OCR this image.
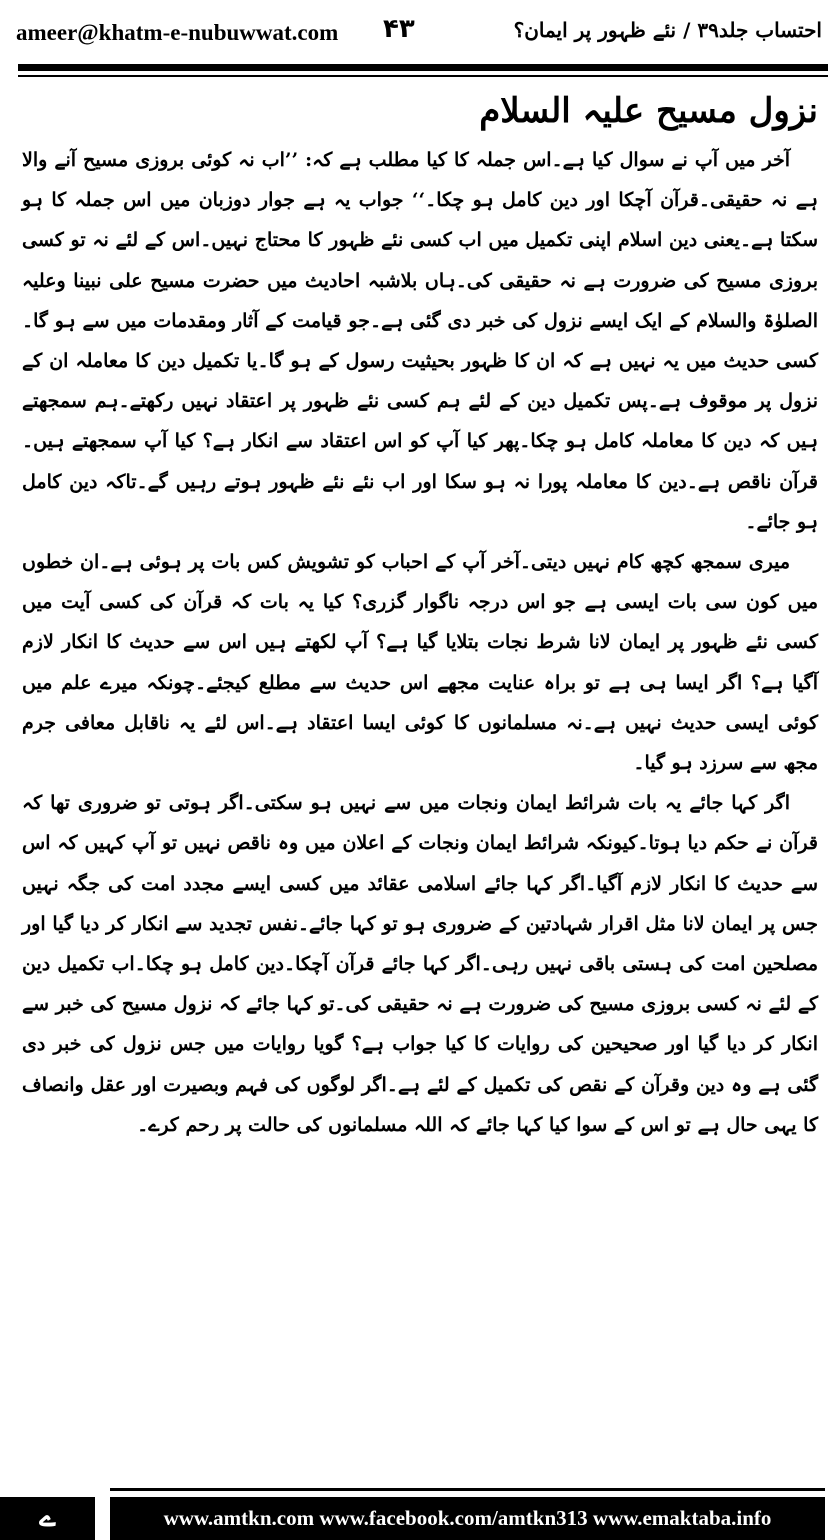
ameer@khatm-e-nubuwwat.com ۴۳	احتساب جلد۳۹ / نئے ظہور پر ایمان؟
نزول مسیح علیہ السلام

آخر میں آپ نے سوال کیا ہے۔اس جملہ کا کیا مطلب ہے کہ: ’’اب نہ کوئی بروزی مسیح آنے والا ہے نہ حقیقی۔قرآن آچکا اور دین کامل ہو چکا۔‘‘ جواب یہ ہے جوار دوزبان میں اس جملہ کا ہو سکتا ہے۔یعنی دین اسلام اپنی تکمیل میں اب کسی نئے ظہور کا محتاج نہیں۔اس کے لئے نہ تو کسی بروزی مسیح کی ضرورت ہے نہ حقیقی کی۔ہاں بلاشبہ احادیث میں حضرت مسیح علی نبینا وعلیہ الصلوٰۃ والسلام کے ایک ایسے نزول کی خبر دی گئی ہے۔جو قیامت کے آثار ومقدمات میں سے ہو گا۔کسی حدیث میں یہ نہیں ہے کہ ان کا ظہور بحیثیت رسول کے ہو گا۔یا تکمیل دین کا معاملہ ان کے نزول پر موقوف ہے۔پس تکمیل دین کے لئے ہم کسی نئے ظہور پر اعتقاد نہیں رکھتے۔ہم سمجھتے ہیں کہ دین کا معاملہ کامل ہو چکا۔پھر کیا آپ کو اس اعتقاد سے انکار ہے؟ کیا آپ سمجھتے ہیں۔قرآن ناقص ہے۔دین کا معاملہ پورا نہ ہو سکا اور اب نئے نئے ظہور ہوتے رہیں گے۔تاکہ دین کامل ہو جائے۔

میری سمجھ کچھ کام نہیں دیتی۔آخر آپ کے احباب کو تشویش کس بات پر ہوئی ہے۔ان خطوں میں کون سی بات ایسی ہے جو اس درجہ ناگوار گزری؟ کیا یہ بات کہ قرآن کی کسی آیت میں کسی نئے ظہور پر ایمان لانا شرط نجات بتلایا گیا ہے؟ آپ لکھتے ہیں اس سے حدیث کا انکار لازم آگیا ہے؟ اگر ایسا ہی ہے تو براہ عنایت مجھے اس حدیث سے مطلع کیجئے۔چونکہ میرے علم میں کوئی ایسی حدیث نہیں ہے۔نہ مسلمانوں کا کوئی ایسا اعتقاد ہے۔اس لئے یہ ناقابل معافی جرم مجھ سے سرزد ہو گیا۔

اگر کہا جائے یہ بات شرائط ایمان ونجات میں سے نہیں ہو سکتی۔اگر ہوتی تو ضروری تھا کہ قرآن نے حکم دیا ہوتا۔کیونکہ شرائط ایمان ونجات کے اعلان میں وہ ناقص نہیں تو آپ کہیں کہ اس سے حدیث کا انکار لازم آگیا۔اگر کہا جائے اسلامی عقائد میں کسی ایسے مجدد امت کی جگہ نہیں جس پر ایمان لانا مثل اقرار شہادتین کے ضروری ہو تو کہا جائے۔نفس تجدید سے انکار کر دیا گیا اور مصلحین امت کی ہستی باقی نہیں رہی۔اگر کہا جائے قرآن آچکا۔دین کامل ہو چکا۔اب تکمیل دین کے لئے نہ کسی بروزی مسیح کی ضرورت ہے نہ حقیقی کی۔تو کہا جائے کہ نزول مسیح کی خبر سے انکار کر دیا گیا اور صحیحین کی روایات کا کیا جواب ہے؟ گویا روایات میں جس نزول کی خبر دی گئی ہے وہ دین وقرآن کے نقص کی تکمیل کے لئے ہے۔اگر لوگوں کی فہم وبصیرت اور عقل وانصاف کا یہی حال ہے تو اس کے سوا کیا کہا جائے کہ اللہ مسلمانوں کی حالت پر رحم کرے۔

ے	www.amtkn.com www.facebook.com/amtkn313 www.emaktaba.info
